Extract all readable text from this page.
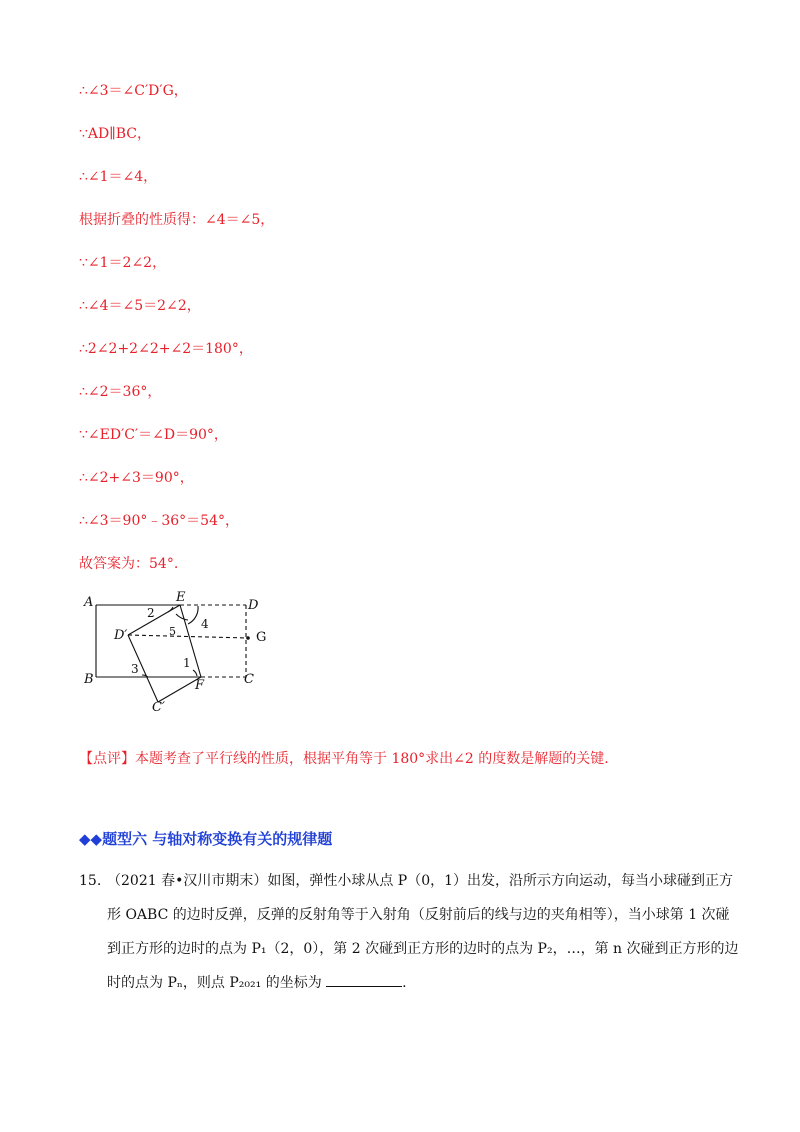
∴∠3＝∠C′D′G，
∵AD∥BC，
∴∠1＝∠4，
根据折叠的性质得：∠4＝∠5，
∵∠1＝2∠2，
∴∠4＝∠5＝2∠2，
∴2∠2+2∠2+∠2＝180°，
∴∠2＝36°，
∵∠ED′C′＝∠D＝90°，
∴∠2+∠3＝90°，
∴∠3＝90°﹣36°＝54°，
故答案为：54°.
A	E
D
D′	G
B	F	C
C′
1
2
3
4
5
【点评】本题考查了平行线的性质，根据平角等于 180°求出∠2 的度数是解题的关键.
◆◆题型六 与轴对称变换有关的规律题
15. （2021 春•汉川市期末）如图，弹性小球从点 P（0，1）出发，沿所示方向运动，每当小球碰到正方
形 OABC 的边时反弹，反弹的反射角等于入射角（反射前后的线与边的夹角相等），当小球第 1 次碰
到正方形的边时的点为 P₁（2，0），第 2 次碰到正方形的边时的点为 P₂，…，第 n 次碰到正方形的边
时的点为 Pₙ，则点 P₂₀₂₁ 的坐标为	.
